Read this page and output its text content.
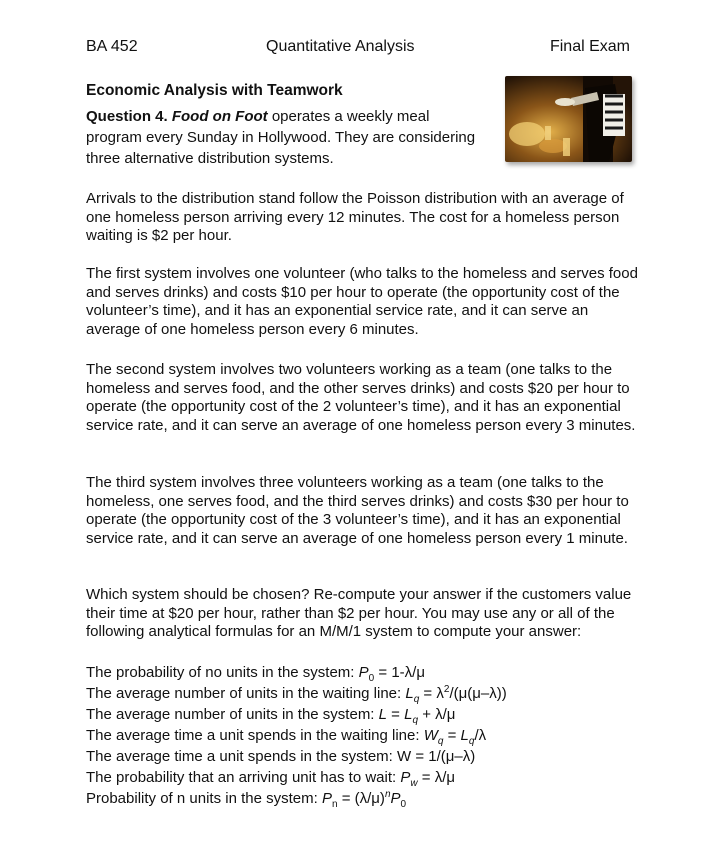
BA 452	Quantitative Analysis	Final Exam
Economic Analysis with Teamwork
Question 4. Food on Foot operates a weekly meal program every Sunday in Hollywood. They are considering three alternative distribution systems.

Arrivals to the distribution stand follow the Poisson distribution with an average of one homeless person arriving every 12 minutes. The cost for a homeless person waiting is $2 per hour.

The first system involves one volunteer (who talks to the homeless and serves food and serves drinks) and costs $10 per hour to operate (the opportunity cost of the volunteer’s time), and it has an exponential service rate, and it can serve an average of one homeless person every 6 minutes.

The second system involves two volunteers working as a team (one talks to the homeless and serves food, and the other serves drinks) and costs $20 per hour to operate (the opportunity cost of the 2 volunteer’s time), and it has an exponential service rate, and it can serve an average of one homeless person every 3 minutes.

The third system involves three volunteers working as a team (one talks to the homeless, one serves food, and the third serves drinks) and costs $30 per hour to operate (the opportunity cost of the 3 volunteer’s time), and it has an exponential service rate, and it can serve an average of one homeless person every 1 minute.

Which system should be chosen? Re-compute your answer if the customers value their time at $20 per hour, rather than $2 per hour. You may use any or all of the following analytical formulas for an M/M/1 system to compute your answer:
The probability of no units in the system: $P_0 = 1-\lambda/\mu$
The average number of units in the waiting line: $L_q = \lambda^2/(\mu(\mu-\lambda))$
The average number of units in the system: $L = L_q + \lambda/\mu$
The average time a unit spends in the waiting line: $W_q = L_q/\lambda$
The average time a unit spends in the system: W = 1/(μ–λ)
The probability that an arriving unit has to wait: $P_w = \lambda/\mu$
Probability of n units in the system: $P_n = (\lambda/\mu)^nP_0$
